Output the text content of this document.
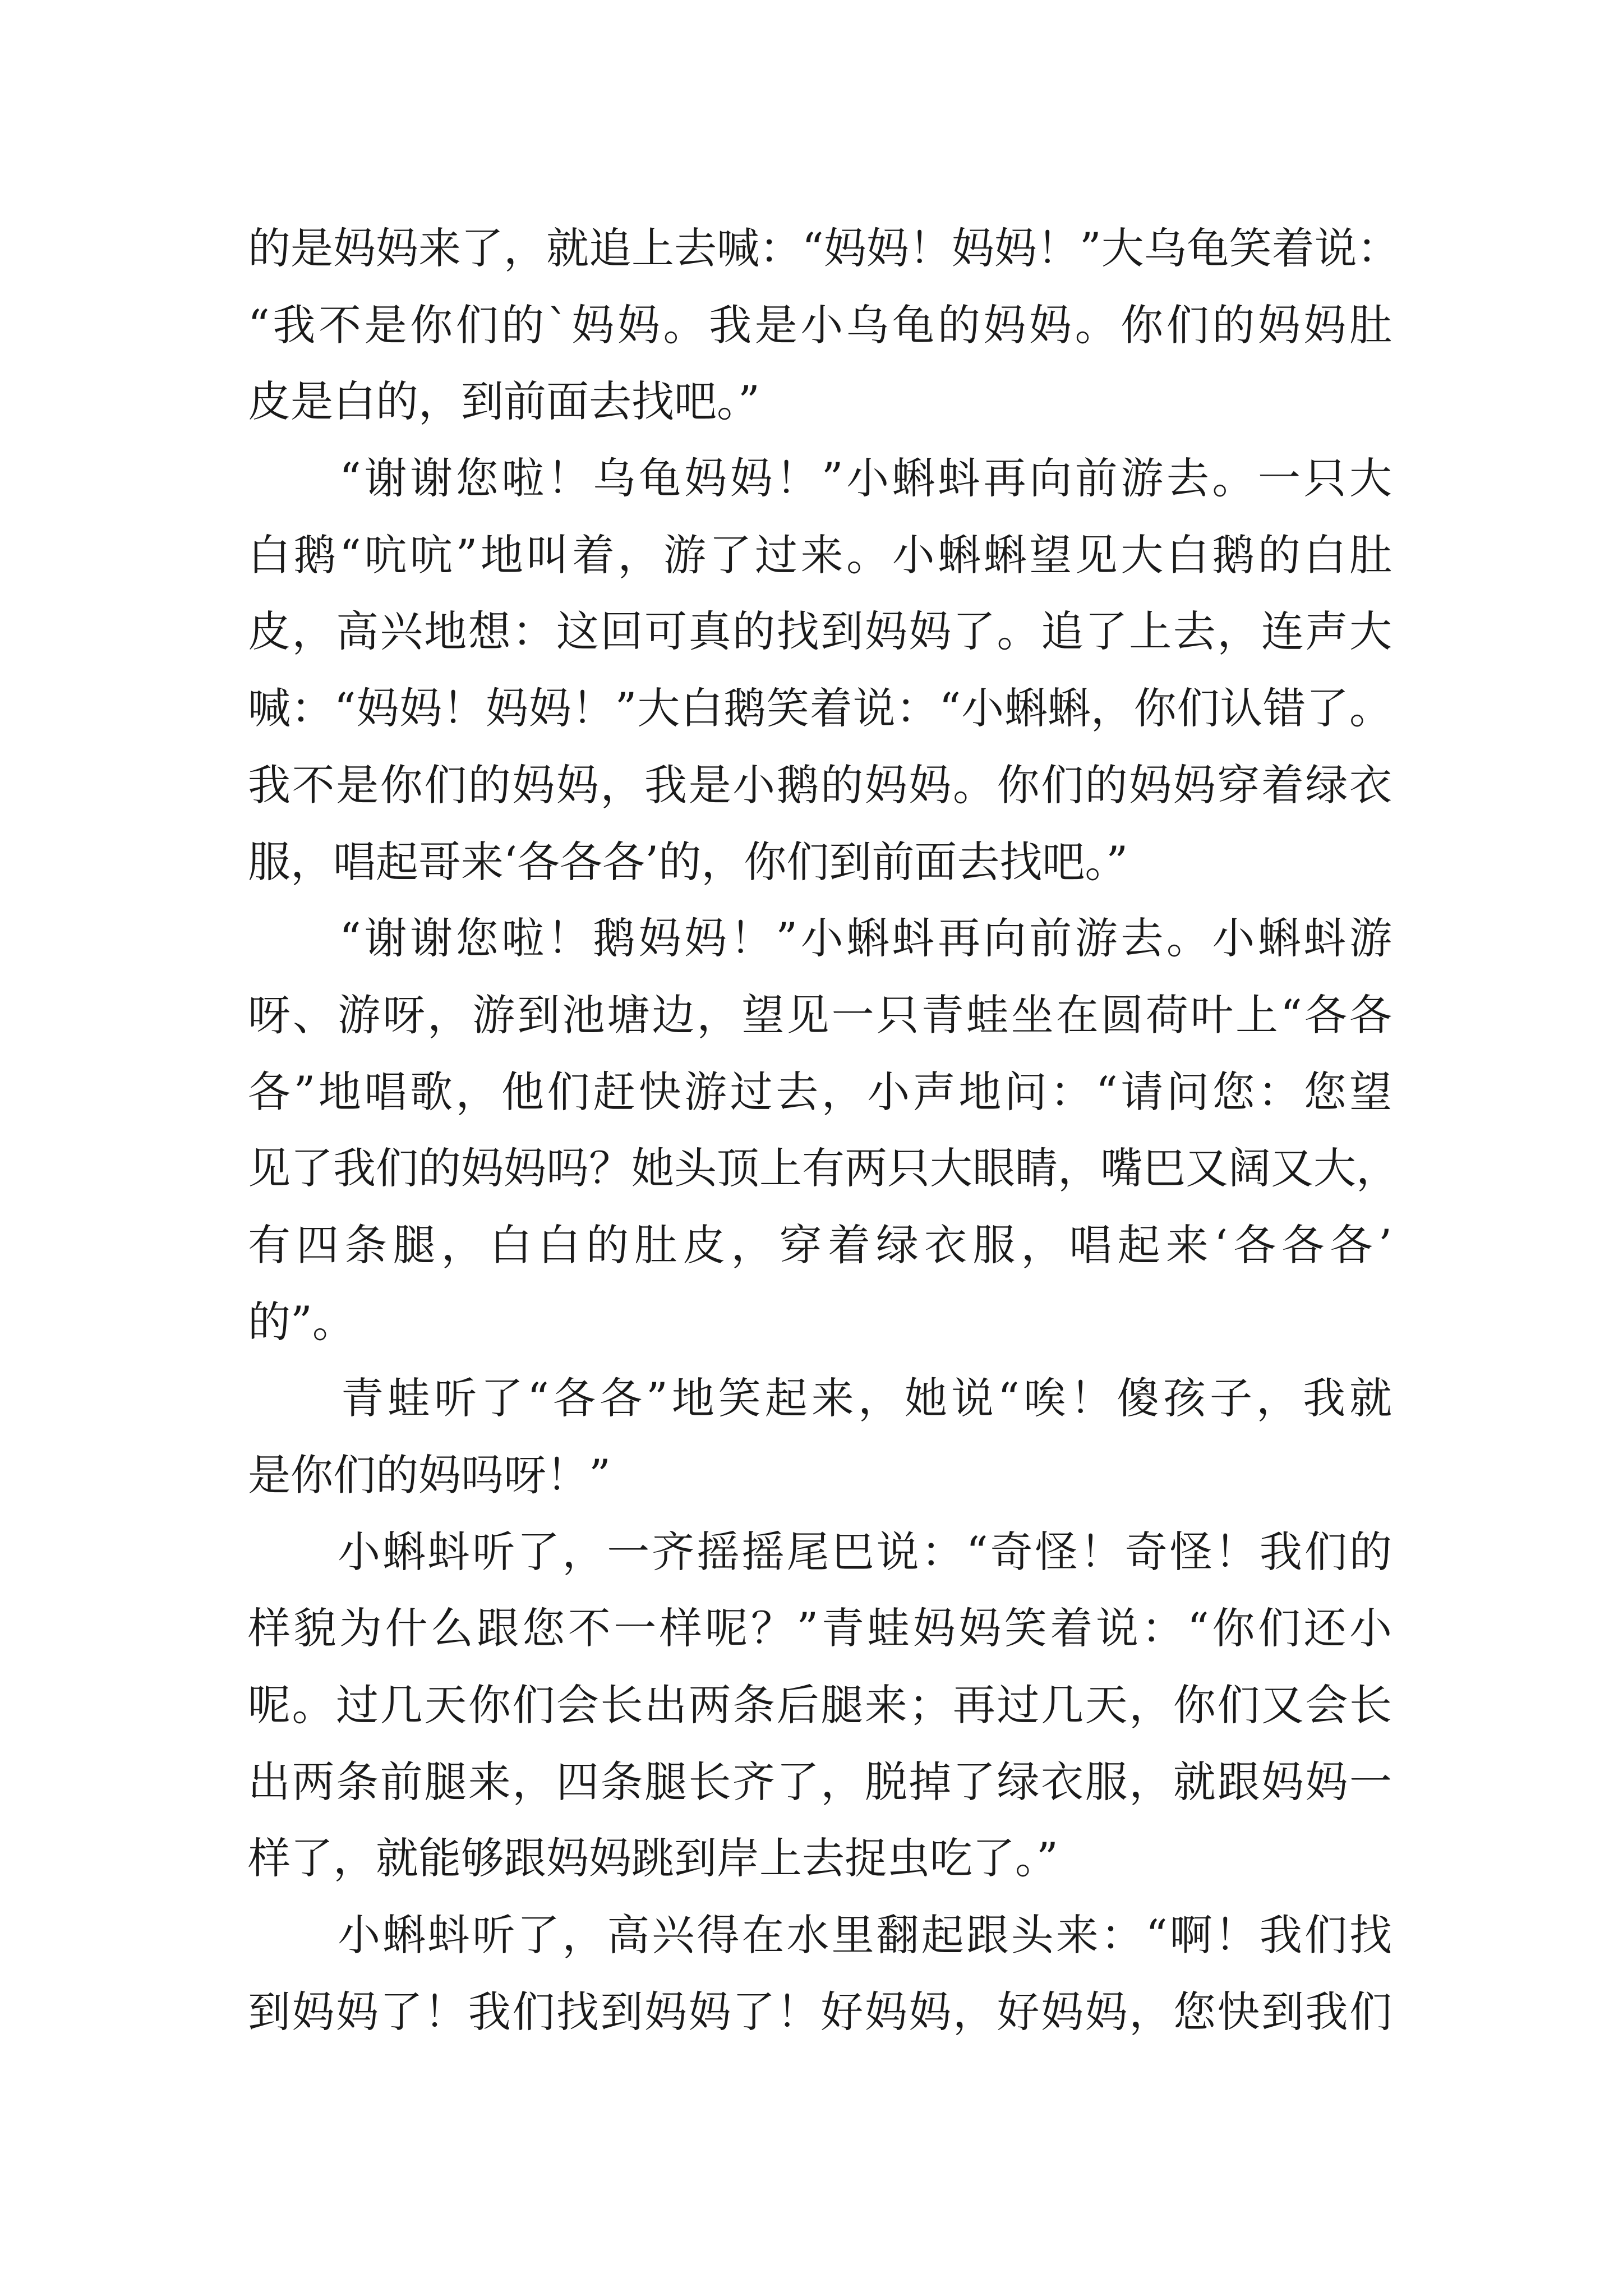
的是妈妈来了，就追上去喊：“妈妈！妈妈！”大乌龟笑着说：
“我不是你们的`妈妈。我是小乌龟的妈妈。你们的妈妈肚
皮是白的，到前面去找吧。”
　　“谢谢您啦！乌龟妈妈！”小蝌蚪再向前游去。一只大
白鹅“吭吭”地叫着，游了过来。小蝌蝌望见大白鹅的白肚
皮，高兴地想：这回可真的找到妈妈了。追了上去，连声大
喊：“妈妈！妈妈！”大白鹅笑着说：“小蝌蝌，你们认错了。
我不是你们的妈妈，我是小鹅的妈妈。你们的妈妈穿着绿衣
服，唱起哥来‘各各各’的，你们到前面去找吧。”
　　“谢谢您啦！鹅妈妈！”小蝌蚪再向前游去。小蝌蚪游
呀、游呀，游到池塘边，望见一只青蛙坐在圆荷叶上“各各
各”地唱歌，他们赶快游过去，小声地问：“请问您：您望
见了我们的妈妈吗？她头顶上有两只大眼睛，嘴巴又阔又大，
有四条腿，白白的肚皮，穿着绿衣服，唱起来‘各各各’
的”。
　　青蛙听了“各各”地笑起来，她说“唉！傻孩子，我就
是你们的妈吗呀！”
　　小蝌蚪听了，一齐摇摇尾巴说：“奇怪！奇怪！我们的
样貌为什么跟您不一样呢？”青蛙妈妈笑着说：“你们还小
呢。过几天你们会长出两条后腿来；再过几天，你们又会长
出两条前腿来，四条腿长齐了，脱掉了绿衣服，就跟妈妈一
样了，就能够跟妈妈跳到岸上去捉虫吃了。”
　　小蝌蚪听了，高兴得在水里翻起跟头来：“啊！我们找
到妈妈了！我们找到妈妈了！好妈妈，好妈妈，您快到我们
